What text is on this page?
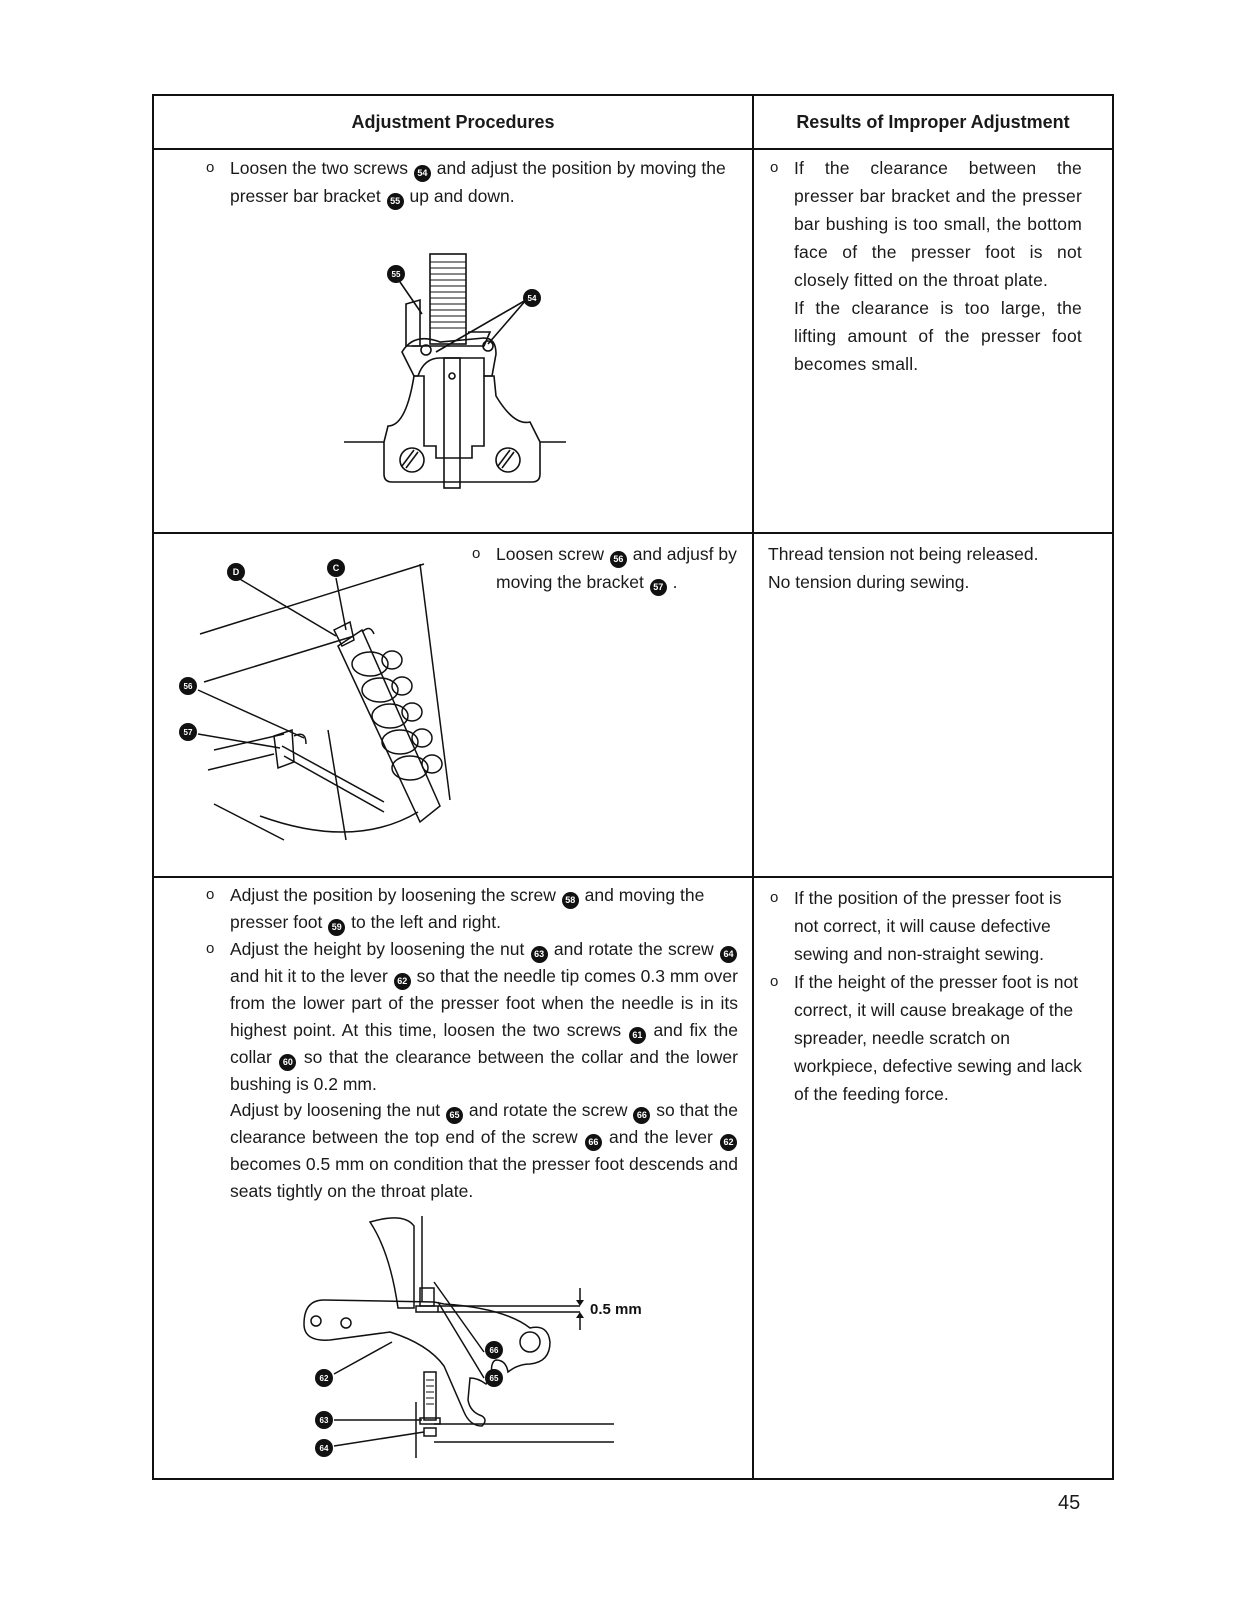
Adjustment Procedures	Results of Improper Adjustment
o Loosen the two screws 54 and adjust the position by moving the presser bar bracket 55 up and down.
o If the clearance between the presser bar bracket and the presser bar bushing is too small, the bottom face of the presser foot is not closely fitted on the throat plate.
If the clearance is too large, the lifting amount of the presser foot becomes small.
55
54
D	C
56
57
o Loosen screw 56 and adjusf by moving the bracket 57 .
Thread tension not being released.
No tension during sewing.
o Adjust the position by loosening the screw 58 and moving the presser foot 59 to the left and right.
o Adjust the height by loosening the nut 63 and rotate the screw 64 and hit it to the lever 62 so that the needle tip comes 0.3 mm over from the lower part of the presser foot when the needle is in its highest point. At this time, loosen the two screws 61 and fix the collar 60 so that the clearance between the collar and the lower bushing is 0.2 mm.
Adjust by loosening the nut 65 and rotate the screw 66 so that the clearance between the top end of the screw 66 and the lever 62 becomes 0.5 mm on condition that the presser foot descends and seats tightly on the throat plate.
o If the position of the presser foot is not correct, it will cause defective sewing and non-straight sewing.
o If the height of the presser foot is not correct, it will cause breakage of the spreader, needle scratch on workpiece, defective sewing and lack of the feeding force.
0.5 mm
66
65
62
63
64
45
